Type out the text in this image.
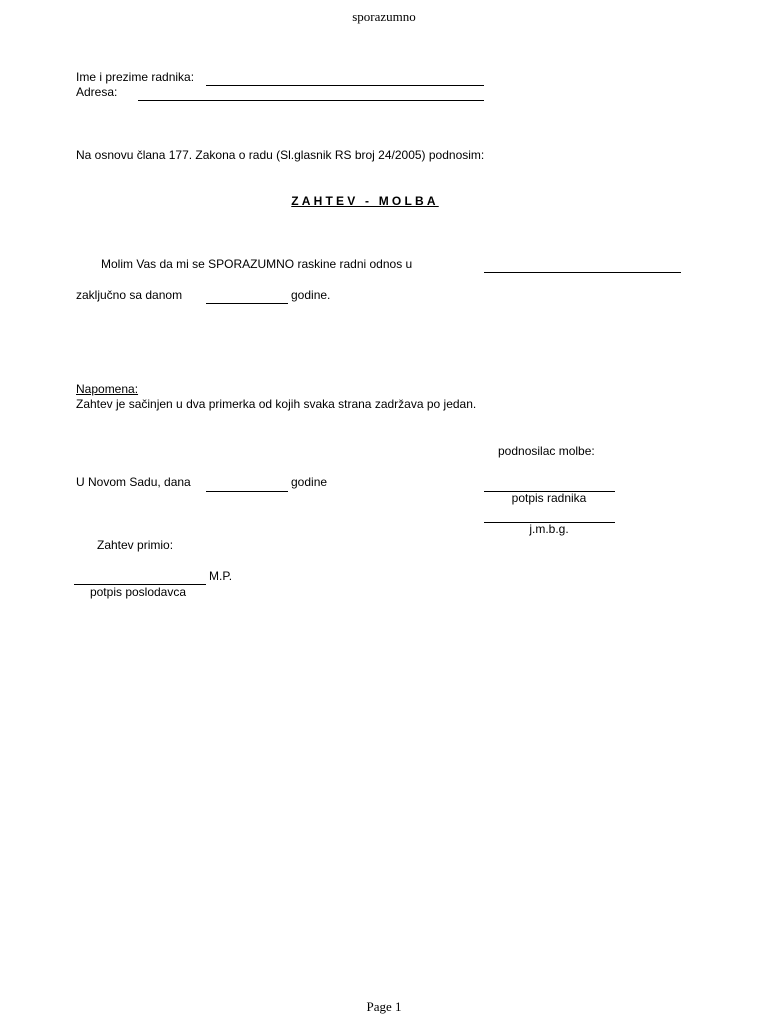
sporazumno
Ime i prezime radnika:
Adresa:
Na osnovu člana 177. Zakona o radu (Sl.glasnik RS broj 24/2005) podnosim:
ZAHTEV - MOLBA
Molim Vas da mi se SPORAZUMNO raskine radni odnos u
zaključno sa danom	godine.
Napomena:
Zahtev je sačinjen u dva primerka od kojih svaka strana zadržava po jedan.
podnosilac molbe:
U Novom Sadu, dana	godine
potpis radnika
j.m.b.g.
Zahtev primio:
M.P.
potpis poslodavca
Page 1
